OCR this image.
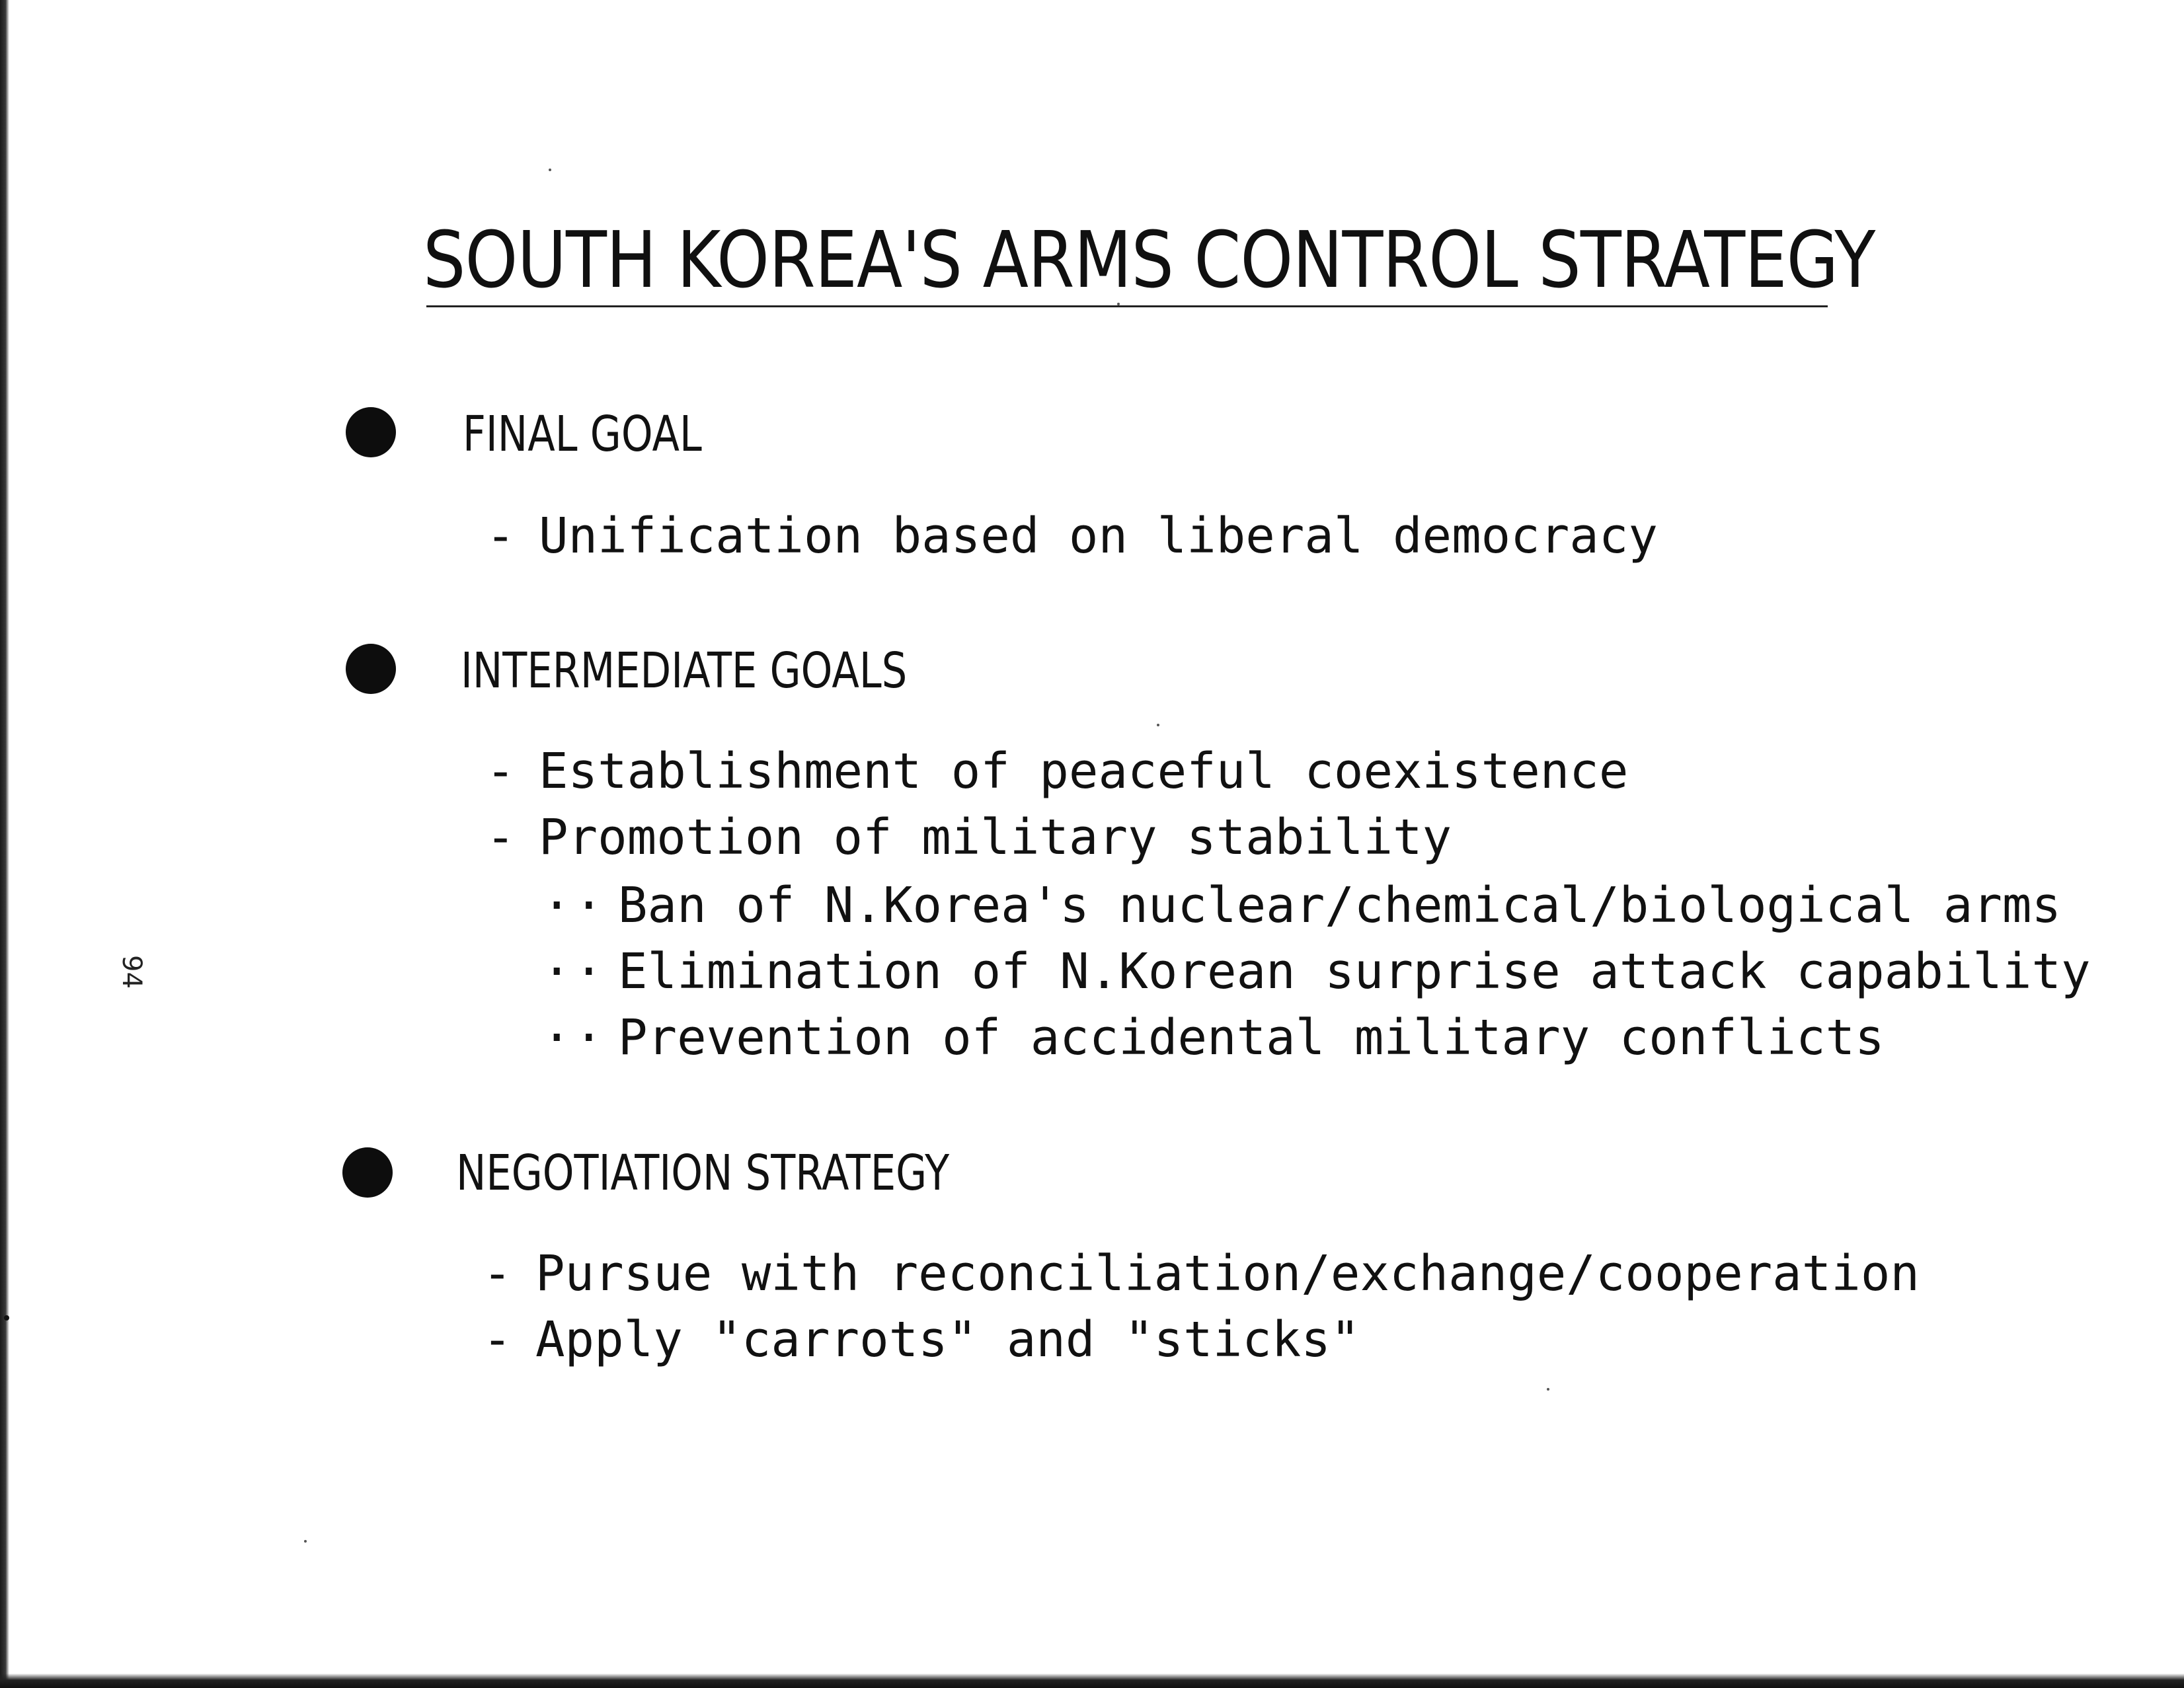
SOUTH KOREA'S ARMS CONTROL STRATEGY
FINAL GOAL
- Unification based on liberal democracy
INTERMEDIATE GOALS
- Establishment of peaceful coexistence
- Promotion of military stability
·· Ban of N.Korea's nuclear/chemical/biological arms
·· Elimination of N.Korean surprise attack capability
·· Prevention of accidental military conflicts
NEGOTIATION STRATEGY
- Pursue with reconciliation/exchange/cooperation
- Apply "carrots" and "sticks"
94
